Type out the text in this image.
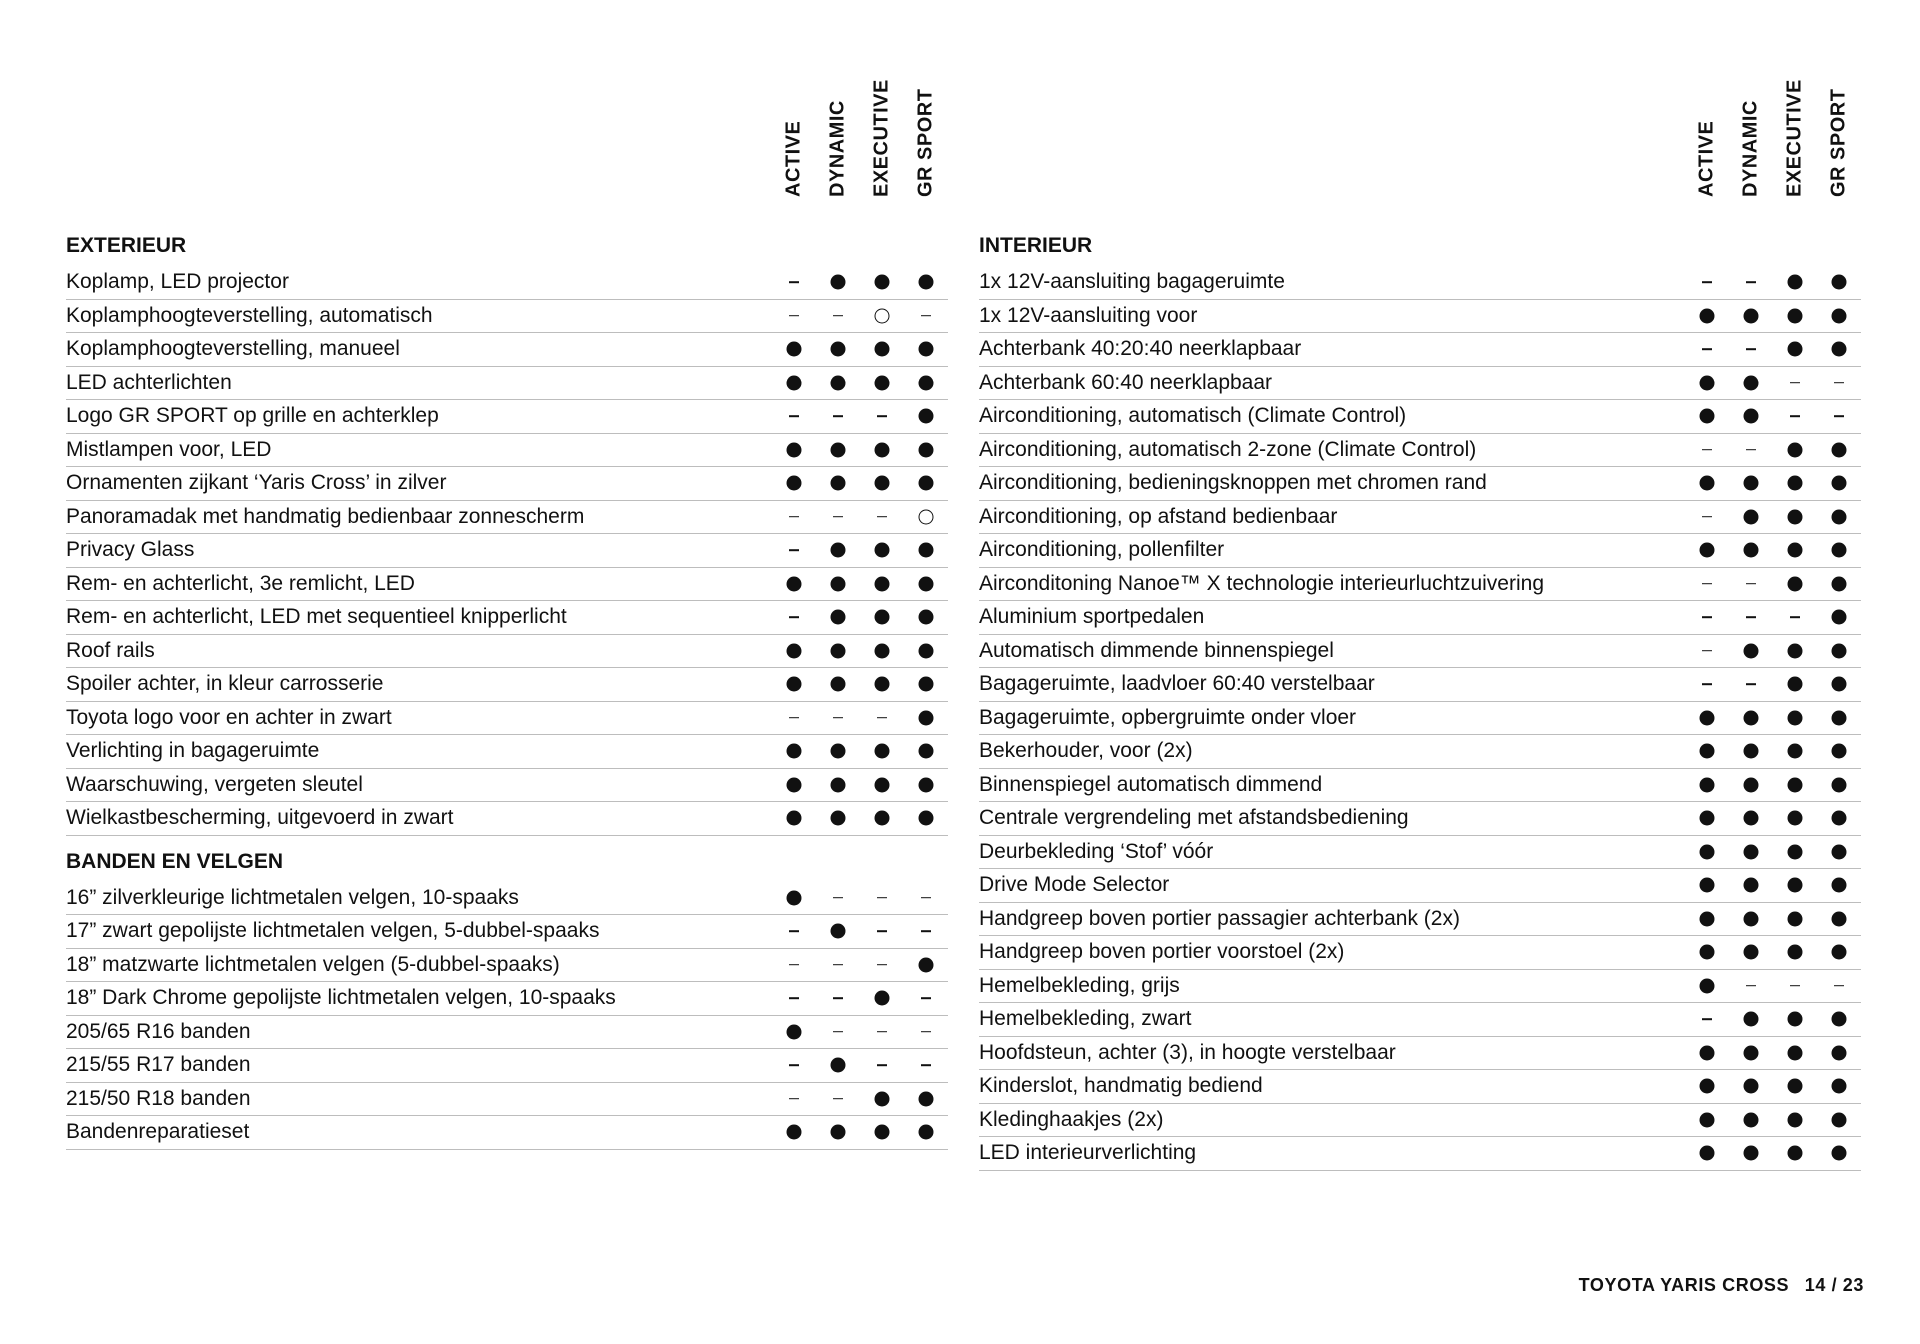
ACTIVE DYNAMIC EXECUTIVE GR SPORT
EXTERIEUR
Koplamp, LED projector
Koplamphoogteverstelling, automatisch
Koplamphoogteverstelling, manueel
LED achterlichten
Logo GR SPORT op grille en achterklep
Mistlampen voor, LED
Ornamenten zijkant ‘Yaris Cross’ in zilver
Panoramadak met handmatig bedienbaar zonnescherm
Privacy Glass
Rem- en achterlicht, 3e remlicht, LED
Rem- en achterlicht, LED met sequentieel knipperlicht
Roof rails
Spoiler achter, in kleur carrosserie
Toyota logo voor en achter in zwart
Verlichting in bagageruimte
Waarschuwing, vergeten sleutel
Wielkastbescherming, uitgevoerd in zwart
BANDEN EN VELGEN
16” zilverkleurige lichtmetalen velgen, 10-spaaks
17” zwart gepolijste lichtmetalen velgen, 5-dubbel-spaaks
18” matzwarte lichtmetalen velgen (5-dubbel-spaaks)
18” Dark Chrome gepolijste lichtmetalen velgen, 10-spaaks
205/65 R16 banden
215/55 R17 banden
215/50 R18 banden
Bandenreparatieset
ACTIVE DYNAMIC EXECUTIVE GR SPORT
INTERIEUR
1x 12V-aansluiting bagageruimte
1x 12V-aansluiting voor
Achterbank 40:20:40 neerklapbaar
Achterbank 60:40 neerklapbaar
Airconditioning, automatisch (Climate Control)
Airconditioning, automatisch 2-zone (Climate Control)
Airconditioning, bedieningsknoppen met chromen rand
Airconditioning, op afstand bedienbaar
Airconditioning, pollenfilter
Airconditoning Nanoe™ X technologie interieurluchtzuivering
Aluminium sportpedalen
Automatisch dimmende binnenspiegel
Bagageruimte, laadvloer 60:40 verstelbaar
Bagageruimte, opbergruimte onder vloer
Bekerhouder, voor (2x)
Binnenspiegel automatisch dimmend
Centrale vergrendeling met afstandsbediening
Deurbekleding ‘Stof’ vóór
Drive Mode Selector
Handgreep boven portier passagier achterbank (2x)
Handgreep boven portier voorstoel (2x)
Hemelbekleding, grijs
Hemelbekleding, zwart
Hoofdsteun, achter (3), in hoogte verstelbaar
Kinderslot, handmatig bediend
Kledinghaakjes (2x)
LED interieurverlichting
TOYOTA YARIS CROSS 14 / 23
